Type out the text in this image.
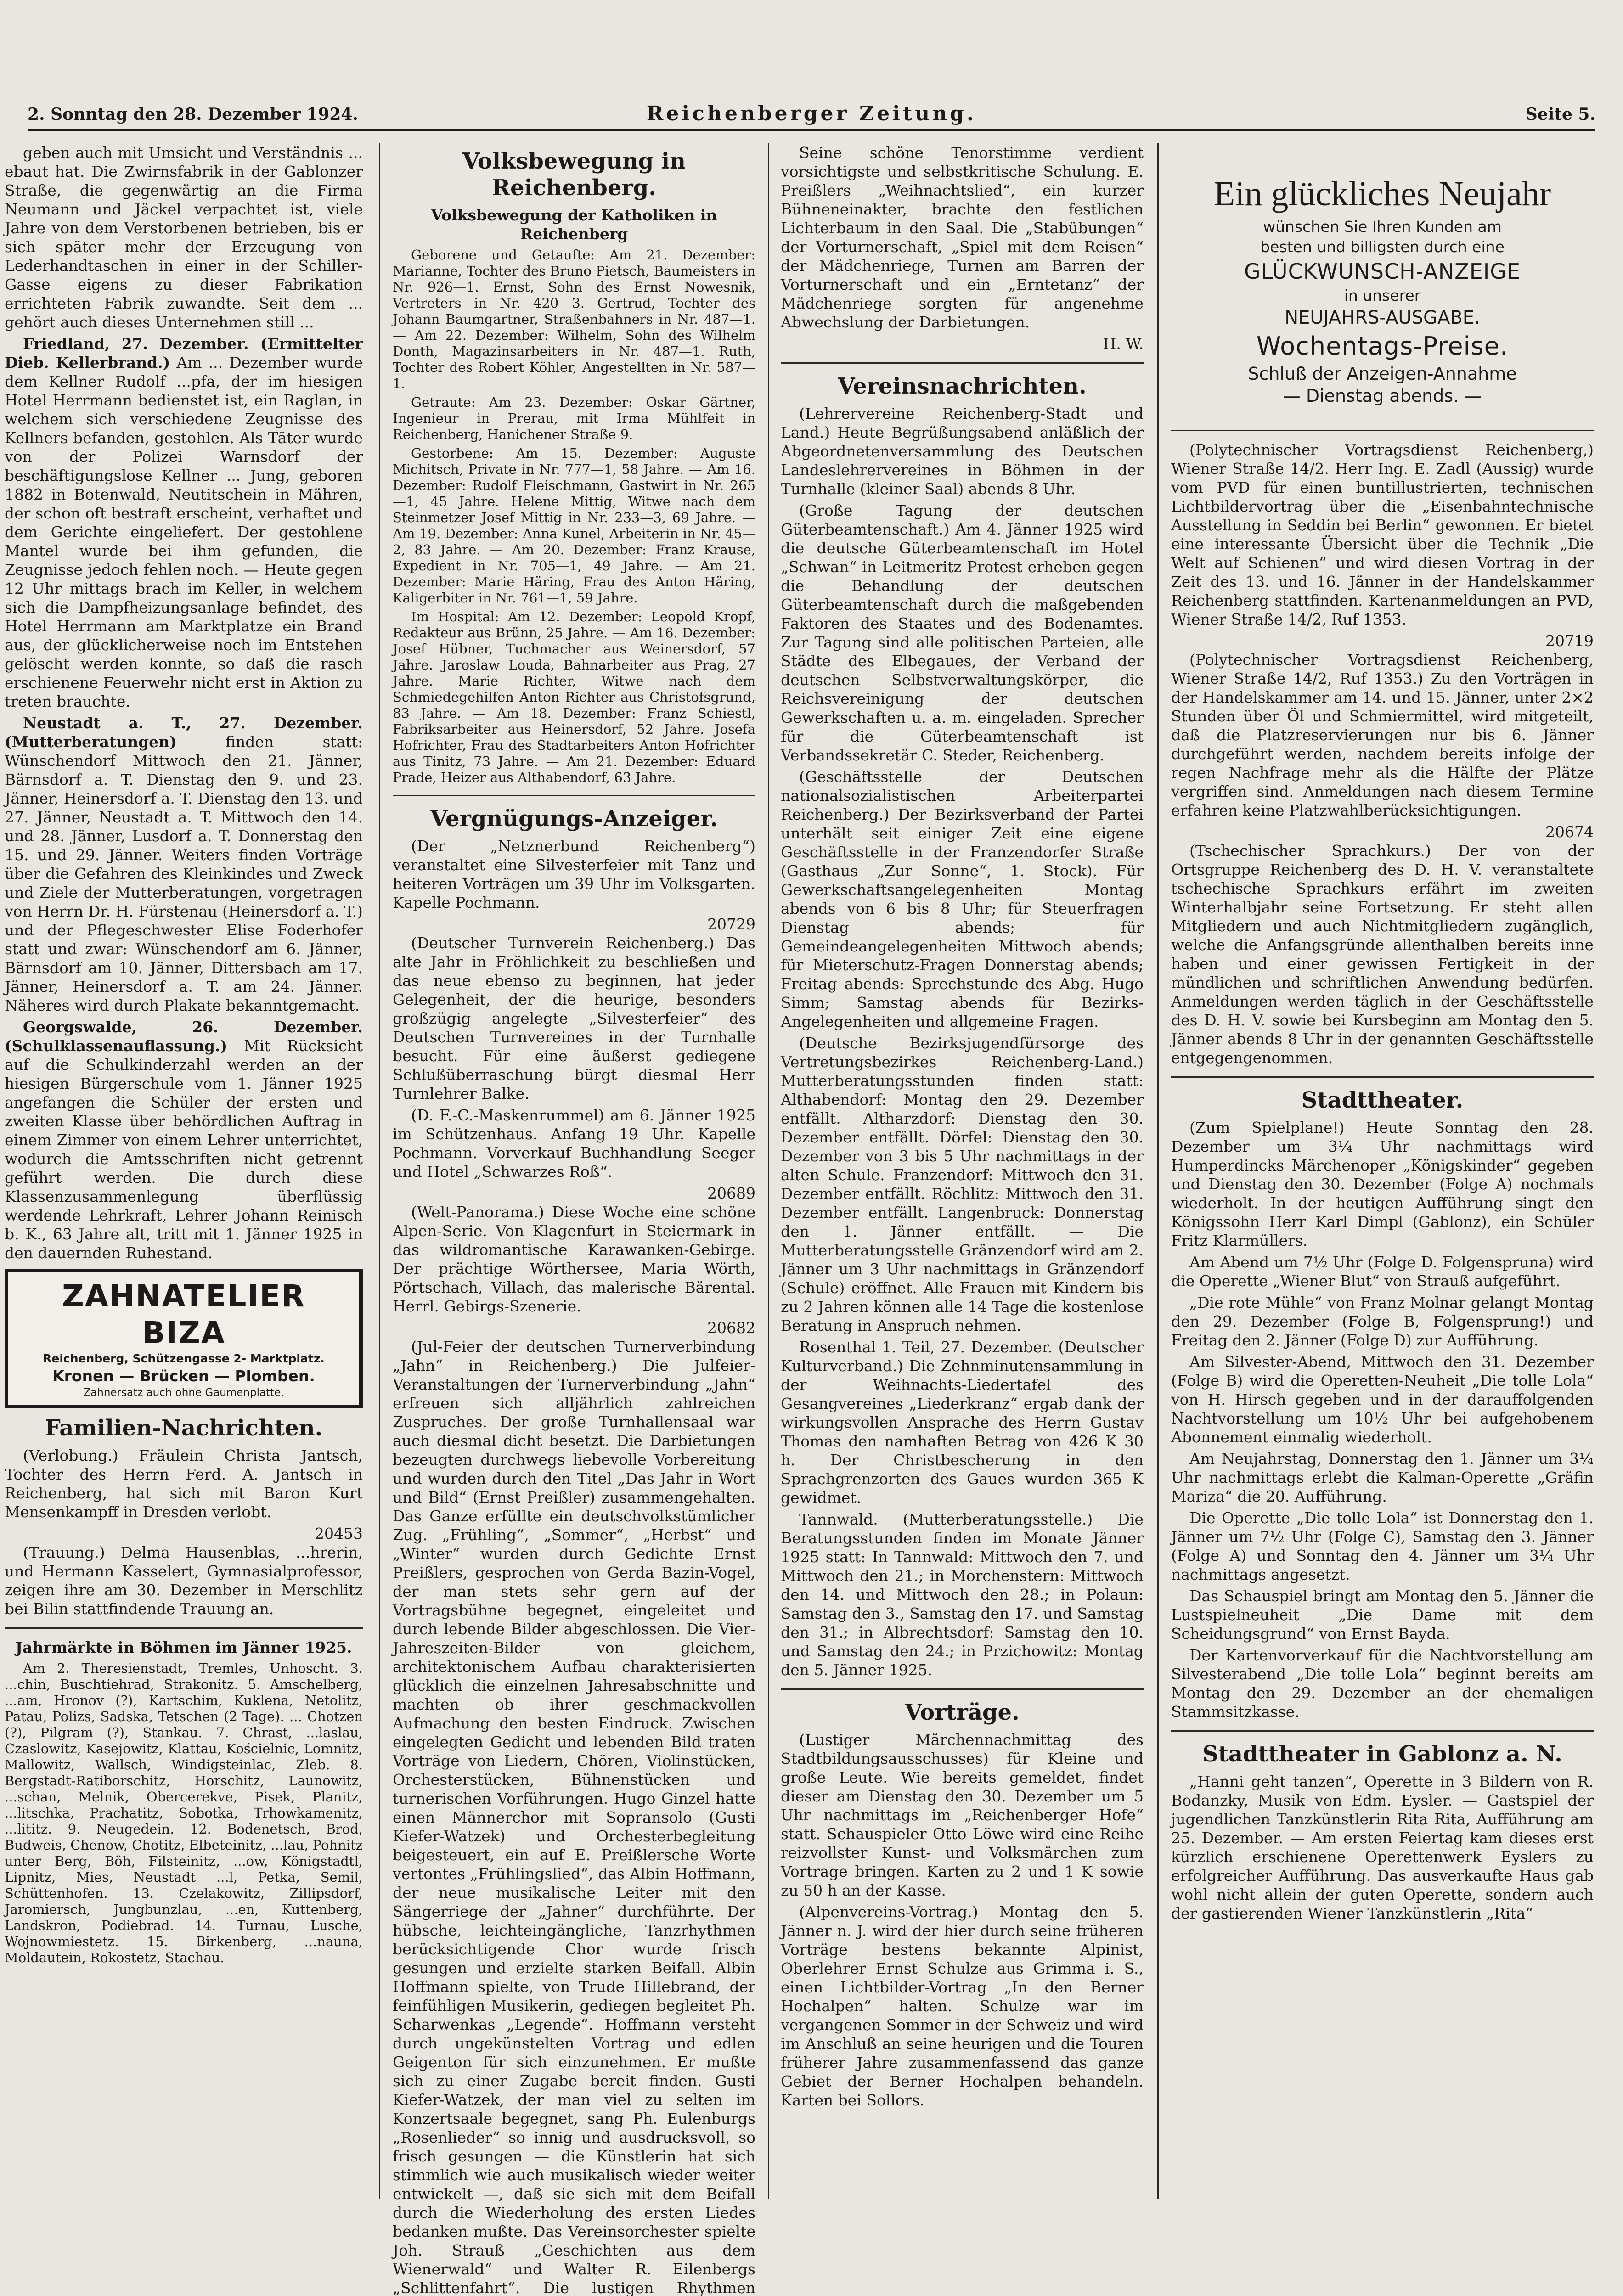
2. Sonntag den 28. Dezember 1924.	Reichenberger Zeitung.	Seite 5.

geben auch mit Umsicht und Verständnis ... ebaut hat. Die Zwirnsfabrik in der Gablonzer Straße, die gegenwärtig an die Firma Neumann und Jäckel verpachtet ist, viele Jahre von dem Verstorbenen betrieben, bis er sich später mehr der Erzeugung von Lederhandtaschen in einer in der Schiller-Gasse eigens zu dieser Fabrikation errichteten Fabrik zuwandte. Seit dem ... gehört auch dieses Unternehmen still ...

Friedland, 27. Dezember. (Ermittelter Dieb. Kellerbrand.) Am ... Dezember wurde dem Kellner Rudolf ...pfa, der im hiesigen Hotel Herrmann bedienstet ist, ein Raglan, in welchem sich verschiedene Zeugnisse des Kellners befanden, gestohlen. Als Täter wurde von der Polizei Warnsdorf der beschäftigungslose Kellner ... Jung, geboren 1882 in Botenwald, Neutitschein in Mähren, der schon oft bestraft erscheint, verhaftet und dem Gerichte eingeliefert. Der gestohlene Mantel wurde bei ihm gefunden, die Zeugnisse jedoch fehlen noch. — Heute gegen 12 Uhr mittags brach im Keller, in welchem sich die Dampfheizungsanlage befindet, des Hotel Herrmann am Marktplatze ein Brand aus, der glücklicherweise noch im Entstehen gelöscht werden konnte, so daß die rasch erschienene Feuerwehr nicht erst in Aktion zu treten brauchte.

Neustadt a. T., 27. Dezember. (Mutterberatungen)	finden statt: Wünschendorf Mittwoch den 21. Jänner, Bärnsdorf a. T. Dienstag den 9. und 23. Jänner, Heinersdorf a. T. Dienstag den 13. und 27. Jänner, Neustadt a. T. Mittwoch den 14. und 28. Jänner, Lusdorf a. T. Donnerstag den 15. und 29. Jänner. Weiters finden Vorträge über die Gefahren des Kleinkindes und Zweck und Ziele der Mutterberatungen, vorgetragen von Herrn Dr. H. Fürstenau (Heinersdorf a. T.) und der Pflegeschwester Elise Foderhofer statt und zwar: Wünschendorf am 6. Jänner, Bärnsdorf am 10. Jänner, Dittersbach am 17. Jänner, Heinersdorf a. T. am 24. Jänner. Näheres wird durch Plakate bekanntgemacht.

Georgswalde, 26. Dezember. (Schulklassenauflassung.) Mit Rücksicht auf die Schulkinderzahl werden an der hiesigen Bürgerschule vom 1. Jänner 1925 angefangen die Schüler der ersten und zweiten Klasse über behördlichen Auftrag in einem Zimmer von einem Lehrer unterrichtet, wodurch die Amtsschriften nicht getrennt geführt werden. Die durch diese Klassenzusammenlegung überflüssig werdende Lehrkraft, Lehrer Johann Reinisch b. K., 63 Jahre alt, tritt mit 1. Jänner 1925 in den dauernden Ruhestand.

ZAHNATELIER BIZA
Reichenberg, Schützengasse 2- Marktplatz.
Kronen — Brücken — Plomben.
Zahnersatz auch ohne Gaumenplatte.
Familien-Nachrichten.

(Verlobung.) Fräulein Christa Jantsch, Tochter des Herrn Ferd. A. Jantsch in Reichenberg, hat sich mit Baron Kurt Mensenkampff in Dresden verlobt.

20453

(Trauung.) Delma Hausenblas, ...hrerin, und Hermann Kasselert, Gymnasialprofessor, zeigen ihre am 30. Dezember in Merschlitz bei Bilin stattfindende Trauung an.

Jahrmärkte in Böhmen im Jänner 1925.

Am 2. Theresienstadt, Tremles, Unhoscht. 3. ...chin, Buschtiehrad, Strakonitz. 5. Amschelberg, ...am, Hronov (?), Kartschim, Kuklena, Netolitz, Patau, Polizs, Sadska, Tetschen (2 Tage). ... Chotzen (?), Pilgram (?), Stankau. 7. Chrast, ...laslau, Czaslowitz, Kasejowitz, Klattau, Kościelnic, Lomnitz, Mallowitz, Wallsch, Windigsteinlac, Zleb. 8. Bergstadt-Ratiborschitz, Horschitz, Launowitz, ...schan, Melnik, Obercerekve, Pisek, Planitz, ...litschka, Prachatitz, Sobotka, Trhowkamenitz, ...lititz. 9. Neugedein. 12. Bodenetsch, Brod, Budweis, Chenow, Chotitz, Elbeteinitz, ...lau, Pohnitz unter Berg, Böh, Filsteinitz, ...ow, Königstadtl, Lipnitz, Mies, Neustadt ...l, Petka, Semil, Schüttenhofen. 13. Czelakowitz, Zillipsdorf, Jaromiersch, Jungbunzlau, ...en, Kuttenberg, Landskron, Podiebrad. 14. Turnau, Lusche, Wojnowmiestetz. 15. Birkenberg, ...nauna, Moldautein, Rokostetz, Stachau.

Volksbewegung in Reichenberg.
Volksbewegung der Katholiken in Reichenberg

Geborene und Getaufte: Am 21. Dezember: Marianne, Tochter des Bruno Pietsch, Baumeisters in Nr. 926—1. Ernst, Sohn des Ernst Nowesnik, Vertreters in Nr. 420—3. Gertrud, Tochter des Johann Baumgartner, Straßenbahners in Nr. 487—1. — Am 22. Dezember: Wilhelm, Sohn des Wilhelm Donth, Magazinsarbeiters in Nr. 487—1. Ruth, Tochter des Robert Köhler, Angestellten in Nr. 587—1.

Getraute: Am 23. Dezember: Oskar Gärtner, Ingenieur in Prerau, mit Irma Mühlfeit in Reichenberg, Hanichener Straße 9.

Gestorbene: Am 15. Dezember: Auguste Michitsch, Private in Nr. 777—1, 58 Jahre. — Am 16. Dezember: Rudolf Fleischmann, Gastwirt in Nr. 265—1, 45 Jahre. Helene Mittig, Witwe nach dem Steinmetzer Josef Mittig in Nr. 233—3, 69 Jahre. — Am 19. Dezember: Anna Kunel, Arbeiterin in Nr. 45—2, 83 Jahre. — Am 20. Dezember: Franz Krause, Expedient in Nr. 705—1, 49 Jahre. — Am 21. Dezember: Marie Häring, Frau des Anton Häring, Kaligerbiter in Nr. 761—1, 59 Jahre.

Im Hospital: Am 12. Dezember: Leopold Kropf, Redakteur aus Brünn, 25 Jahre. — Am 16. Dezember: Josef Hübner, Tuchmacher aus Weinersdorf, 57 Jahre. Jaroslaw Louda, Bahnarbeiter aus Prag, 27 Jahre. Marie Richter, Witwe nach dem Schmiedegehilfen Anton Richter aus Christofsgrund, 83 Jahre. — Am 18. Dezember: Franz Schiestl, Fabriksarbeiter aus Heinersdorf, 52 Jahre. Josefa Hofrichter, Frau des Stadtarbeiters Anton Hofrichter aus Tinitz, 73 Jahre. — Am 21. Dezember: Eduard Prade, Heizer aus Althabendorf, 63 Jahre.

Vergnügungs-Anzeiger.

(Der „Netznerbund Reichenberg“) veranstaltet eine Silvesterfeier mit Tanz und heiteren Vorträgen um 39 Uhr im Volksgarten. Kapelle Pochmann.

20729

(Deutscher Turnverein Reichenberg.) Das alte Jahr in Fröhlichkeit zu beschließen und das neue ebenso zu beginnen, hat jeder Gelegenheit, der die heurige, besonders großzügig angelegte „Silvesterfeier“ des Deutschen Turnvereines in der Turnhalle besucht. Für eine äußerst gediegene Schlußüberraschung bürgt diesmal Herr Turnlehrer Balke.

(D. F.-C.-Maskenrummel) am 6. Jänner 1925 im Schützenhaus. Anfang 19 Uhr. Kapelle Pochmann. Vorverkauf Buchhandlung Seeger und Hotel „Schwarzes Roß“.

20689

(Welt-Panorama.) Diese Woche eine schöne Alpen-Serie. Von Klagenfurt in Steiermark in das wildromantische Karawanken-Gebirge. Der prächtige Wörthersee, Maria Wörth, Pörtschach, Villach, das malerische Bärental. Herrl. Gebirgs-Szenerie.

20682

(Jul-Feier der deutschen Turnerverbindung „Jahn“ in Reichenberg.) Die Julfeier-Veranstaltungen der Turnerverbindung „Jahn“ erfreuen sich alljährlich zahlreichen Zuspruches. Der große Turnhallensaal war auch diesmal dicht besetzt. Die Darbietungen bezeugten durchwegs liebevolle Vorbereitung und wurden durch den Titel „Das Jahr in Wort und Bild“ (Ernst Preißler) zusammengehalten. Das Ganze erfüllte ein deutschvolkstümlicher Zug. „Frühling“, „Sommer“, „Herbst“ und „Winter“ wurden durch Gedichte Ernst Preißlers, gesprochen von Gerda Bazin-Vogel, der man stets sehr gern auf der Vortragsbühne begegnet, eingeleitet und durch lebende Bilder abgeschlossen. Die Vier-Jahreszeiten-Bilder von gleichem, architektonischem Aufbau charakterisierten glücklich die einzelnen Jahresabschnitte und machten ob ihrer geschmackvollen Aufmachung den besten Eindruck. Zwischen eingelegten Gedicht und lebenden Bild traten Vorträge von Liedern, Chören, Violinstücken, Orchesterstücken, Bühnenstücken und turnerischen Vorführungen. Hugo Ginzel hatte einen Männerchor mit Sopransolo (Gusti Kiefer-Watzek) und Orchesterbegleitung beigesteuert, ein auf E. Preißlersche Worte vertontes „Frühlingslied“, das Albin Hoffmann, der neue musikalische Leiter mit den Sängerriege der „Jahner“ durchführte. Der hübsche, leichteingängliche, Tanzrhythmen berücksichtigende Chor wurde frisch gesungen und erzielte starken Beifall. Albin Hoffmann spielte, von Trude Hillebrand, der feinfühligen Musikerin, gediegen begleitet Ph. Scharwenkas „Legende“. Hoffmann versteht durch ungekünstelten Vortrag und edlen Geigenton für sich einzunehmen. Er mußte sich zu einer Zugabe bereit finden. Gusti Kiefer-Watzek, der man viel zu selten im Konzertsaale begegnet, sang Ph. Eulenburgs „Rosenlieder“ so innig und ausdrucksvoll, so frisch gesungen — die Künstlerin hat sich stimmlich wie auch musikalisch wieder weiter entwickelt —, daß sie sich mit dem Beifall durch die Wiederholung des ersten Liedes bedanken mußte. Das Vereinsorchester spielte Joh. Strauß „Geschichten aus dem Wienerwald“ und Walter R. Eilenbergs „Schlittenfahrt“. Die lustigen Rhythmen

Seine schöne Tenorstimme verdient vorsichtigste und selbstkritische Schulung. E. Preißlers „Weihnachtslied“, ein kurzer Bühneneinakter, brachte den festlichen Lichterbaum in den Saal. Die „Stabübungen“ der Vorturnerschaft, „Spiel mit dem Reisen“ der Mädchenriege, Turnen am Barren der Vorturnerschaft und ein „Erntetanz“ der Mädchenriege sorgten für angenehme Abwechslung der Darbietungen.

H. W.
Vereinsnachrichten.

(Lehrervereine Reichenberg-Stadt und Land.) Heute Begrüßungsabend anläßlich der Abgeordnetenversammlung des Deutschen Landeslehrervereines in Böhmen in der Turnhalle (kleiner Saal) abends 8 Uhr.

(Große Tagung der deutschen Güterbeamtenschaft.) Am 4. Jänner 1925 wird die deutsche Güterbeamtenschaft im Hotel „Schwan“ in Leitmeritz Protest erheben gegen die Behandlung der deutschen Güterbeamtenschaft durch die maßgebenden Faktoren des Staates und des Bodenamtes. Zur Tagung sind alle politischen Parteien, alle Städte des Elbegaues, der Verband der deutschen Selbstverwaltungskörper, die Reichsvereinigung der deutschen Gewerkschaften u. a. m. eingeladen. Sprecher für die Güterbeamtenschaft ist Verbandssekretär C. Steder, Reichenberg.

(Geschäftsstelle der Deutschen nationalsozialistischen Arbeiterpartei Reichenberg.) Der Bezirksverband der Partei unterhält seit einiger Zeit eine eigene Geschäftsstelle in der Franzendorfer Straße (Gasthaus „Zur Sonne“, 1. Stock). Für Gewerkschaftsangelegenheiten Montag abends von 6 bis 8 Uhr; für Steuerfragen Dienstag abends; für Gemeindeangelegenheiten Mittwoch abends; für Mieterschutz-Fragen Donnerstag abends; Freitag abends: Sprechstunde des Abg. Hugo Simm; Samstag abends für Bezirks-Angelegenheiten und allgemeine Fragen.

(Deutsche Bezirksjugendfürsorge des Vertretungsbezirkes Reichenberg-Land.) Mutterberatungsstunden finden statt: Althabendorf: Montag den 29. Dezember entfällt. Altharzdorf: Dienstag den 30. Dezember entfällt. Dörfel: Dienstag den 30. Dezember von 3 bis 5 Uhr nachmittags in der alten Schule. Franzendorf: Mittwoch den 31. Dezember entfällt. Röchlitz: Mittwoch den 31. Dezember entfällt. Langenbruck: Donnerstag den 1. Jänner entfällt. — Die Mutterberatungsstelle Gränzendorf wird am 2. Jänner um 3 Uhr nachmittags in Gränzendorf (Schule) eröffnet. Alle Frauen mit Kindern bis zu 2 Jahren können alle 14 Tage die kostenlose Beratung in Anspruch nehmen.

Rosenthal 1. Teil, 27. Dezember. (Deutscher Kulturverband.) Die Zehnminutensammlung in der Weihnachts-Liedertafel des Gesangvereines „Liederkranz“ ergab dank der wirkungsvollen Ansprache des Herrn Gustav Thomas den namhaften Betrag von 426 K 30 h. Der Christbescherung in den Sprachgrenzorten des Gaues wurden 365 K gewidmet.

Tannwald. (Mutterberatungsstelle.) Die Beratungsstunden finden im Monate Jänner 1925 statt: In Tannwald: Mittwoch den 7. und Mittwoch den 21.; in Morchenstern: Mittwoch den 14. und Mittwoch den 28.; in Polaun: Samstag den 3., Samstag den 17. und Samstag den 31.; in Albrechtsdorf: Samstag den 10. und Samstag den 24.; in Przichowitz: Montag den 5. Jänner 1925.

Vorträge.

(Lustiger Märchennachmittag des Stadtbildungsausschusses) für Kleine und große Leute. Wie bereits gemeldet, findet dieser am Dienstag den 30. Dezember um 5 Uhr nachmittags im „Reichenberger Hofe“ statt. Schauspieler Otto Löwe wird eine Reihe reizvollster Kunst- und Volksmärchen zum Vortrage bringen. Karten zu 2 und 1 K sowie zu 50 h an der Kasse.

(Alpenvereins-Vortrag.) Montag den 5. Jänner n. J. wird der hier durch seine früheren Vorträge bestens bekannte Alpinist, Oberlehrer Ernst Schulze aus Grimma i. S., einen Lichtbilder-Vortrag „In den Berner Hochalpen“ halten. Schulze war im vergangenen Sommer in der Schweiz und wird im Anschluß an seine heurigen und die Touren früherer Jahre zusammenfassend das ganze Gebiet der Berner Hochalpen behandeln. Karten bei Sollors.

Ein glückliches Neujahr
wünschen Sie Ihren Kunden am
besten und billigsten durch eine
GLÜCKWUNSCH-ANZEIGE
in unserer
NEUJAHRS-AUSGABE.
Wochentags-Preise.
Schluß der Anzeigen-Annahme
— Dienstag abends. —

(Polytechnischer Vortragsdienst Reichenberg,) Wiener Straße 14/2. Herr Ing. E. Zadl (Aussig) wurde vom PVD für einen buntillustrierten, technischen Lichtbildervortrag über die „Eisenbahntechnische Ausstellung in Seddin bei Berlin“ gewonnen. Er bietet eine interessante Übersicht über die Technik „Die Welt auf Schienen“ und wird diesen Vortrag in der Zeit des 13. und 16. Jänner in der Handelskammer Reichenberg stattfinden. Kartenanmeldungen an PVD, Wiener Straße 14/2, Ruf 1353.

20719

(Polytechnischer Vortragsdienst Reichenberg, Wiener Straße 14/2, Ruf 1353.) Zu den Vorträgen in der Handelskammer am 14. und 15. Jänner, unter 2×2 Stunden über Öl und Schmiermittel, wird mitgeteilt, daß die Platzreservierungen nur bis 6. Jänner durchgeführt werden, nachdem bereits infolge der regen Nachfrage mehr als die Hälfte der Plätze vergriffen sind. Anmeldungen nach diesem Termine erfahren keine Platzwahlberücksichtigungen.

20674

(Tschechischer Sprachkurs.) Der von der Ortsgruppe Reichenberg des D. H. V. veranstaltete tschechische Sprachkurs erfährt im zweiten Winterhalbjahr seine Fortsetzung. Er steht allen Mitgliedern und auch Nichtmitgliedern zugänglich, welche die Anfangsgründe allenthalben bereits inne haben und einer gewissen Fertigkeit in der mündlichen und schriftlichen Anwendung bedürfen. Anmeldungen werden täglich in der Geschäftsstelle des D. H. V. sowie bei Kursbeginn am Montag den 5. Jänner abends 8 Uhr in der genannten Geschäftsstelle entgegengenommen.

Stadttheater.

(Zum Spielplane!) Heute Sonntag den 28. Dezember um 3¼ Uhr nachmittags wird Humperdincks Märchenoper „Königskinder“ gegeben und Dienstag den 30. Dezember (Folge A) nochmals wiederholt. In der heutigen Aufführung singt den Königssohn Herr Karl Dimpl (Gablonz), ein Schüler Fritz Klarmüllers.

Am Abend um 7½ Uhr (Folge D. Folgenspruna) wird die Operette „Wiener Blut“ von Strauß aufgeführt.

„Die rote Mühle“ von Franz Molnar gelangt Montag den 29. Dezember (Folge B, Folgensprung!) und Freitag den 2. Jänner (Folge D) zur Aufführung.

Am Silvester-Abend, Mittwoch den 31. Dezember (Folge B) wird die Operetten-Neuheit „Die tolle Lola“ von H. Hirsch gegeben und in der darauffolgenden Nachtvorstellung um 10½ Uhr bei aufgehobenem Abonnement einmalig wiederholt.

Am Neujahrstag, Donnerstag den 1. Jänner um 3¼ Uhr nachmittags erlebt die Kalman-Operette „Gräfin Mariza“ die 20. Aufführung.

Die Operette „Die tolle Lola“ ist Donnerstag den 1. Jänner um 7½ Uhr (Folge C), Samstag den 3. Jänner (Folge A) und Sonntag den 4. Jänner um 3¼ Uhr nachmittags angesetzt.

Das Schauspiel bringt am Montag den 5. Jänner die Lustspielneuheit „Die Dame mit dem Scheidungsgrund“ von Ernst Bayda.

Der Kartenvorverkauf für die Nachtvorstellung am Silvesterabend „Die tolle Lola“ beginnt bereits am Montag den 29. Dezember an der ehemaligen Stammsitzkasse.

Stadttheater in Gablonz a. N.

„Hanni geht tanzen“, Operette in 3 Bildern von R. Bodanzky, Musik von Edm. Eysler. — Gastspiel der jugendlichen Tanzkünstlerin Rita Rita, Aufführung am 25. Dezember. — Am ersten Feiertag kam dieses erst kürzlich erschienene Operettenwerk Eyslers zu erfolgreicher Aufführung. Das ausverkaufte Haus gab wohl nicht allein der guten Operette, sondern auch der gastierenden Wiener Tanzkünstlerin „Rita“
